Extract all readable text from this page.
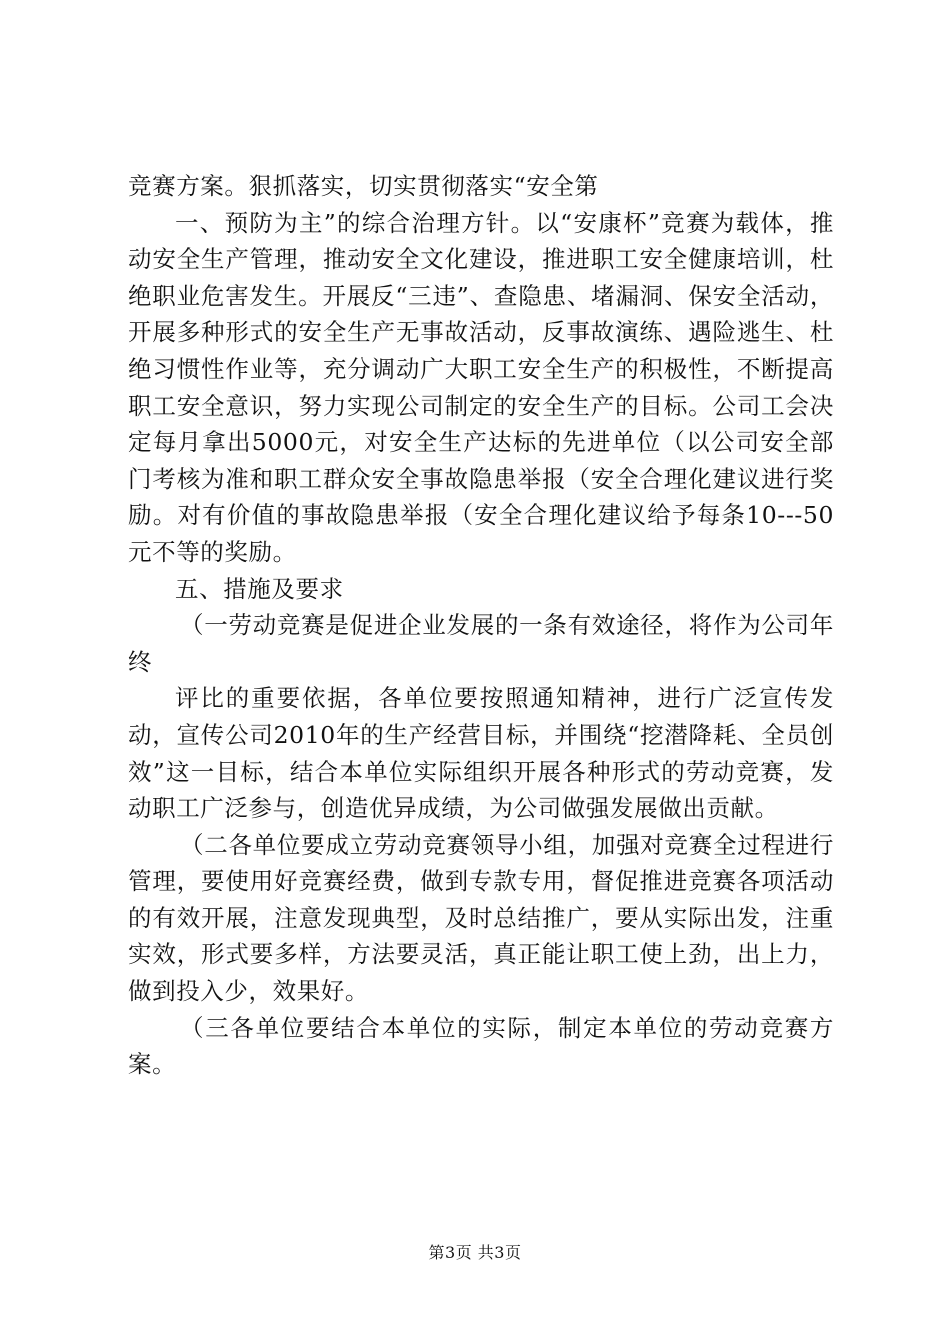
竞赛方案。狠抓落实，切实贯彻落实“安全第

一、预防为主”的综合治理方针。以“安康杯”竞赛为载体，推动安全生产管理，推动安全文化建设，推进职工安全健康培训，杜绝职业危害发生。开展反“三违”、查隐患、堵漏洞、保安全活动，开展多种形式的安全生产无事故活动，反事故演练、遇险逃生、杜绝习惯性作业等，充分调动广大职工安全生产的积极性，不断提高职工安全意识，努力实现公司制定的安全生产的目标。公司工会决定每月拿出5000元，对安全生产达标的先进单位（以公司安全部门考核为准和职工群众安全事故隐患举报（安全合理化建议进行奖励。对有价值的事故隐患举报（安全合理化建议给予每条10---50元不等的奖励。

五、措施及要求

（一劳动竞赛是促进企业发展的一条有效途径，将作为公司年终

评比的重要依据，各单位要按照通知精神，进行广泛宣传发动，宣传公司2010年的生产经营目标，并围绕“挖潜降耗、全员创效”这一目标，结合本单位实际组织开展各种形式的劳动竞赛，发动职工广泛参与，创造优异成绩，为公司做强发展做出贡献。

（二各单位要成立劳动竞赛领导小组，加强对竞赛全过程进行管理，要使用好竞赛经费，做到专款专用，督促推进竞赛各项活动的有效开展，注意发现典型，及时总结推广，要从实际出发，注重实效，形式要多样，方法要灵活，真正能让职工使上劲，出上力，做到投入少，效果好。

（三各单位要结合本单位的实际，制定本单位的劳动竞赛方案。

第3页 共3页
